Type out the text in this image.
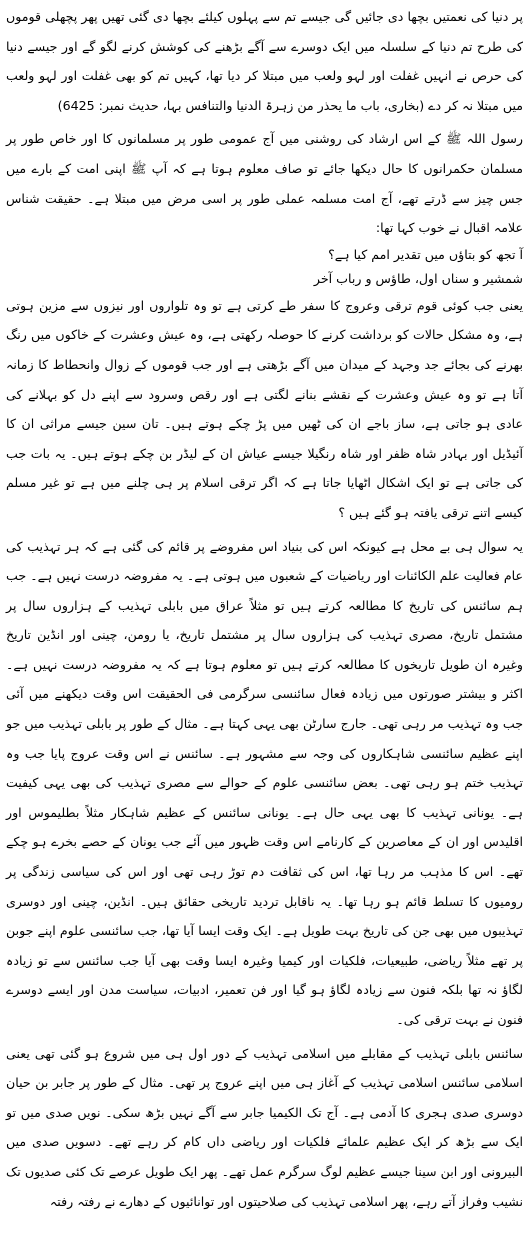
پر دنیا کی نعمتیں بچھا دی جائیں گی جیسے تم سے پہلوں کیلئے بچھا دی گئی تھیں پھر پچھلی قوموں کی طرح تم دنیا کے سلسلہ میں ایک دوسرے سے آگے بڑھنے کی کوشش کرنے لگو گے اور جیسے دنیا کی حرص نے انہیں غفلت اور لہو ولعب میں مبتلا کر دیا تھا، کہیں تم کو بھی غفلت اور لہو ولعب میں مبتلا نہ کر دے (بخاری، باب ما یحذر من زہرۃ الدنیا والتنافس بہا، حدیث نمبر: 6425)

رسول اللہ ﷺ کے اس ارشاد کی روشنی میں آج عمومی طور پر مسلمانوں کا اور خاص طور پر مسلمان حکمرانوں کا حال دیکھا جائے تو صاف معلوم ہوتا ہے کہ آپ ﷺ اپنی امت کے بارے میں جس چیز سے ڈرتے تھے، آج امت مسلمہ عملی طور پر اسی مرض میں مبتلا ہے۔ حقیقت شناس علامہ اقبال نے خوب کہا تھا:

آ تجھ کو بتاؤں میں تقدیر امم کیا ہے؟

شمشیر و سناں اول، طاؤس و رباب آخر

یعنی جب کوئی قوم ترقی وعروج کا سفر طے کرتی ہے تو وہ تلواروں اور نیزوں سے مزین ہوتی ہے، وہ مشکل حالات کو برداشت کرنے کا حوصلہ رکھتی ہے، وہ عیش وعشرت کے خاکوں میں رنگ بھرنے کی بجائے جد وجہد کے میدان میں آگے بڑھتی ہے اور جب قوموں کے زوال وانحطاط کا زمانہ آتا ہے تو وہ عیش وعشرت کے نقشے بنانے لگتی ہے اور رقص وسرود سے اپنے دل کو بہلانے کی عادی ہو جاتی ہے، ساز باجے ان کی ٹھیں میں پڑ چکے ہوتے ہیں۔ تان سین جیسے مراثی ان کا آئیڈیل اور بہادر شاہ ظفر اور شاہ رنگیلا جیسے عیاش ان کے لیڈر بن چکے ہوتے ہیں۔ یہ بات جب کی جاتی ہے تو ایک اشکال اٹھایا جاتا ہے کہ اگر ترقی اسلام پر ہی چلنے میں ہے تو غیر مسلم کیسے اتنے ترقی یافتہ ہو گئے ہیں ؟

یہ سوال ہی بے محل ہے کیونکہ اس کی بنیاد اس مفروضے پر قائم کی گئی ہے کہ ہر تہذیب کی عام فعالیت علم الکائنات اور ریاضیات کے شعبوں میں ہوتی ہے۔ یہ مفروضہ درست نہیں ہے۔ جب ہم سائنس کی تاریخ کا مطالعہ کرتے ہیں تو مثلاً عراق میں بابلی تہذیب کے ہزاروں سال پر مشتمل تاریخ، مصری تہذیب کی ہزاروں سال پر مشتمل تاریخ، یا رومن، چینی اور انڈین تاریخ وغیرہ ان طویل تاریخوں کا مطالعہ کرتے ہیں تو معلوم ہوتا ہے کہ یہ مفروضہ درست نہیں ہے۔ اکثر و بیشتر صورتوں میں زیادہ فعال سائنسی سرگرمی فی الحقیقت اس وقت دیکھنے میں آئی جب وہ تہذیب مر رہی تھی۔ جارج سارٹن بھی یہی کہتا ہے۔ مثال کے طور پر بابلی تہذیب میں جو اپنے عظیم سائنسی شاہکاروں کی وجہ سے مشہور ہے۔ سائنس نے اس وقت عروج پایا جب وہ تہذیب ختم ہو رہی تھی۔ بعض سائنسی علوم کے حوالے سے مصری تہذیب کی بھی یہی کیفیت ہے۔ یونانی تہذیب کا بھی یہی حال ہے۔ یونانی سائنس کے عظیم شاہکار مثلاً بطلیموس اور اقلیدس اور ان کے معاصرین کے کارنامے اس وقت ظہور میں آئے جب یونان کے حصے بخرے ہو چکے تھے۔ اس کا مذہب مر رہا تھا، اس کی ثقافت دم توڑ رہی تھی اور اس کی سیاسی زندگی پر رومیوں کا تسلط قائم ہو رہا تھا۔ یہ ناقابل تردید تاریخی حقائق ہیں۔ انڈین، چینی اور دوسری تہذیبوں میں بھی جن کی تاریخ بہت طویل ہے۔ ایک وقت ایسا آیا تھا، جب سائنسی علوم اپنے جوبن پر تھے مثلاً ریاضی، طبیعیات، فلکیات اور کیمیا وغیرہ ایسا وقت بھی آیا جب سائنس سے تو زیادہ لگاؤ نہ تھا بلکہ فنون سے زیادہ لگاؤ ہو گیا اور فن تعمیر، ادبیات، سیاست مدن اور ایسے دوسرے فنون نے بہت ترقی کی۔

سائنس بابلی تہذیب کے مقابلے میں اسلامی تہذیب کے دور اول ہی میں شروع ہو گئی تھی یعنی اسلامی سائنس اسلامی تہذیب کے آغاز ہی میں اپنے عروج پر تھی۔ مثال کے طور پر جابر بن حیان دوسری صدی ہجری کا آدمی ہے۔ آج تک الکیمیا جابر سے آگے نہیں بڑھ سکی۔ نویں صدی میں تو ایک سے بڑھ کر ایک عظیم علمائے فلکیات اور ریاضی داں کام کر رہے تھے۔ دسویں صدی میں البیرونی اور ابن سینا جیسے عظیم لوگ سرگرم عمل تھے۔ پھر ایک طویل عرصے تک کئی صدیوں تک نشیب وفراز آتے رہے، پھر اسلامی تہذیب کی صلاحیتوں اور توانائیوں کے دھارے نے رفتہ رفتہ
